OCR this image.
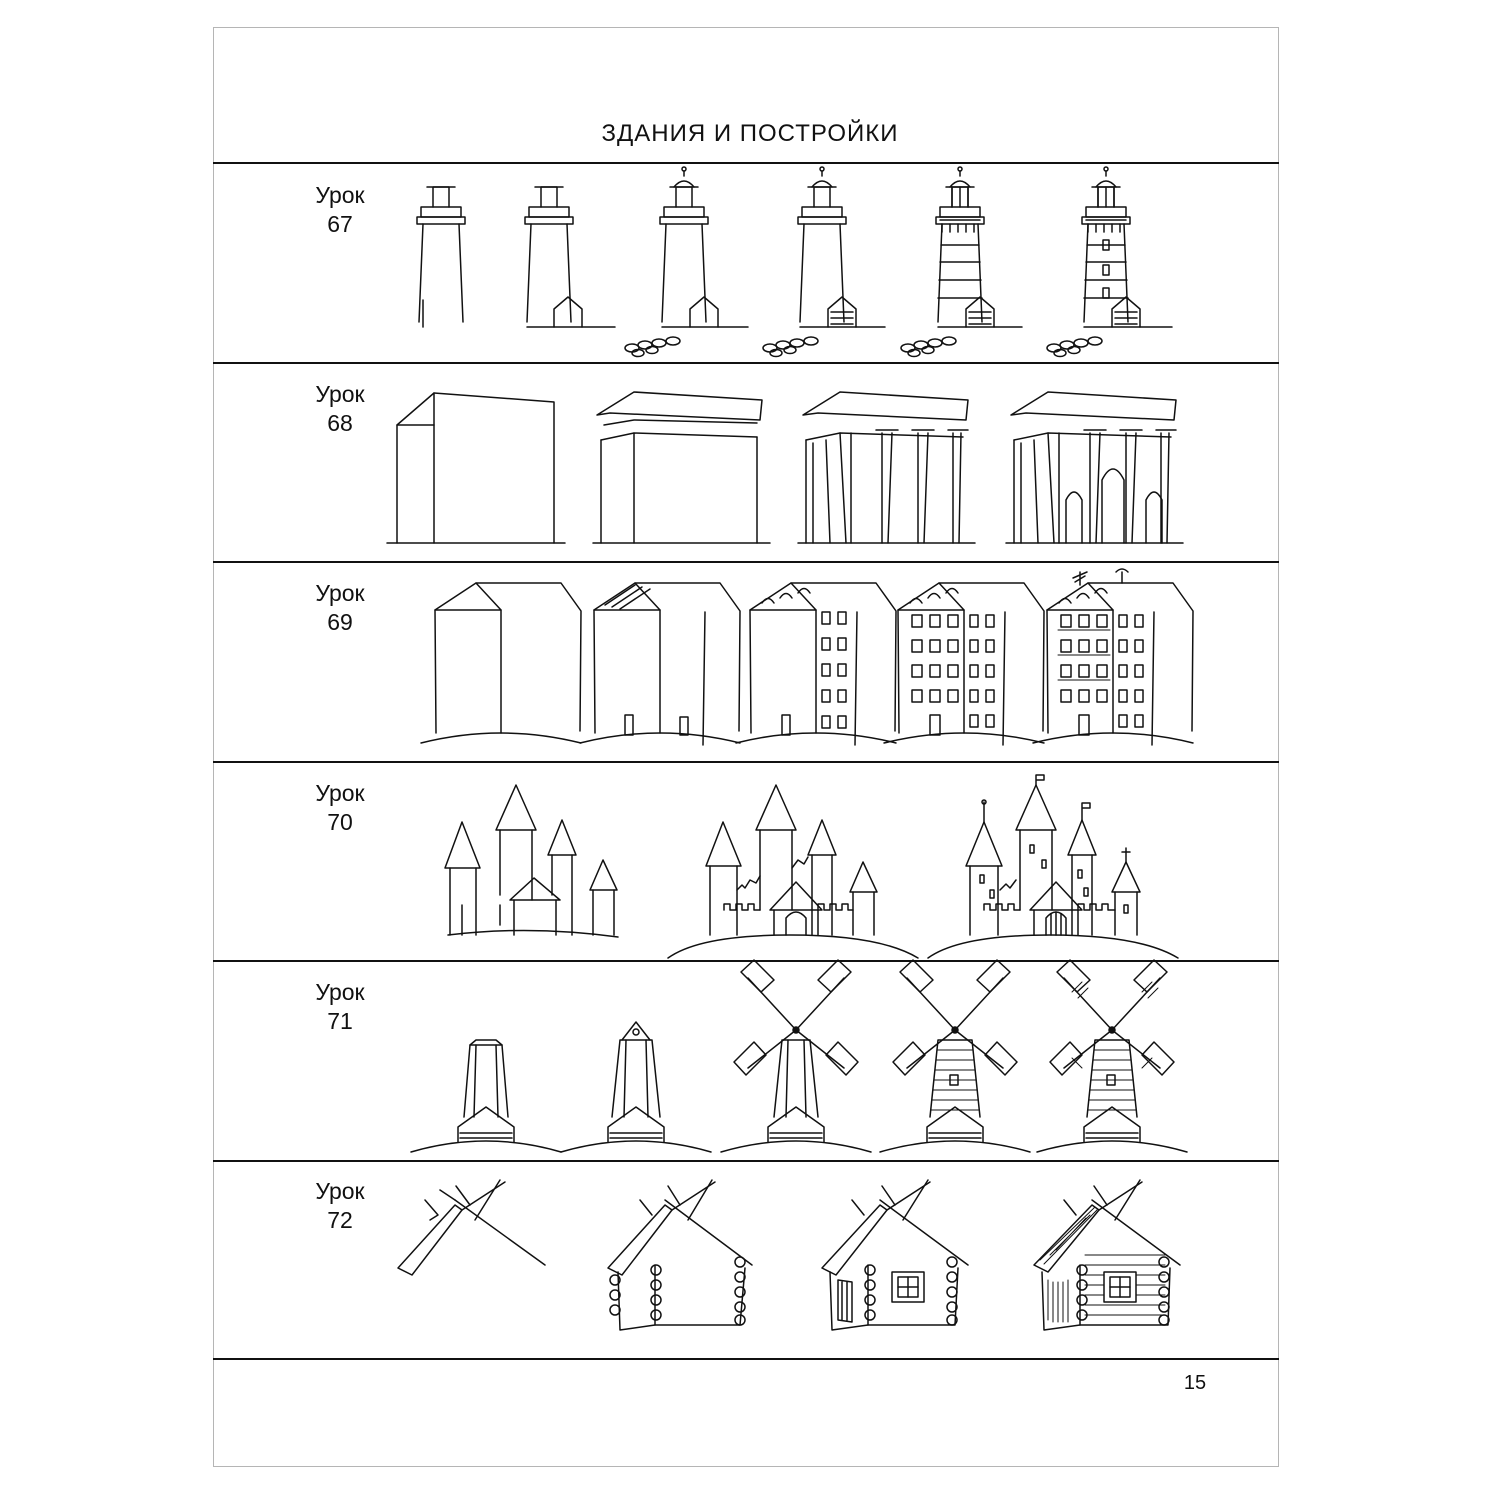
ЗДАНИЯ И ПОСТРОЙКИ
Урок
67
Урок
68
Урок
69
Урок
70
Урок
71
Урок
72
15
